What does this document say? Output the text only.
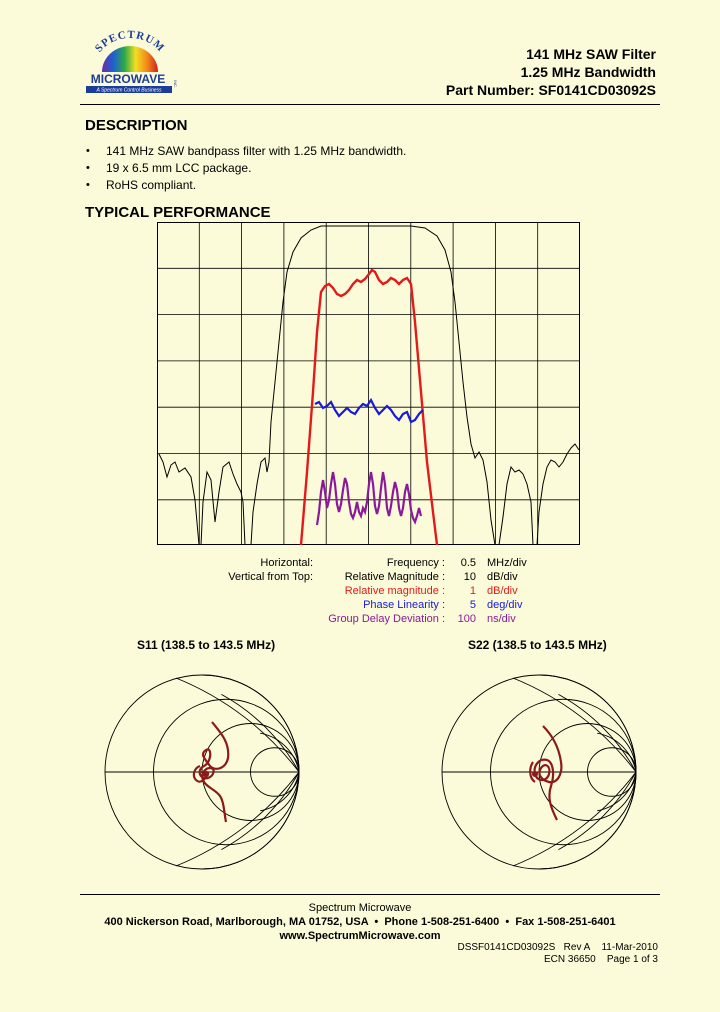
SPECTRUM
MICROWAVE INC.
A Spectrum Control Business
141 MHz SAW Filter
1.25 MHz Bandwidth
Part Number: SF0141CD03092S
DESCRIPTION
• 141 MHz SAW bandpass filter with 1.25 MHz bandwidth.
• 19 x 6.5 mm LCC package.
• RoHS compliant.
TYPICAL PERFORMANCE
Horizontal:	Frequency :	0.5 MHz/div
Vertical from Top:	Relative Magnitude :	10 dB/div
Relative magnitude :	1 dB/div
Phase Linearity :	5 deg/div
Group Delay Deviation :	100 ns/div
S11 (138.5 to 143.5 MHz)	S22 (138.5 to 143.5 MHz)
Spectrum Microwave
400 Nickerson Road, Marlborough, MA 01752, USA  •  Phone 1-508-251-6400  •  Fax 1-508-251-6401
www.SpectrumMicrowave.com
DSSF0141CD03092S Rev A 11-Mar-2010
ECN 36650 Page 1 of 3
